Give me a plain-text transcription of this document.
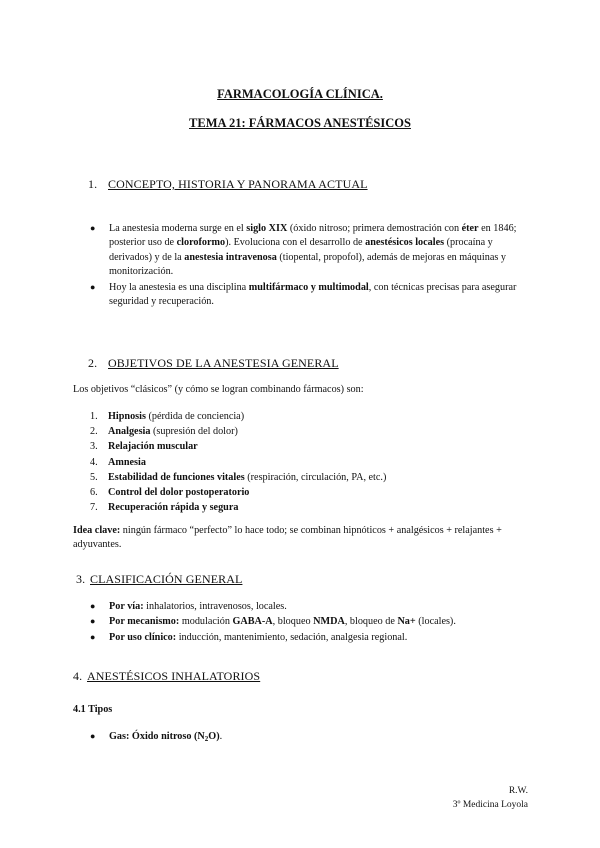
FARMACOLOGÍA CLÍNICA.
TEMA 21: FÁRMACOS ANESTÉSICOS
1. CONCEPTO, HISTORIA Y PANORAMA ACTUAL
● La anestesia moderna surge en el siglo XIX (óxido nitroso; primera demostración con éter en 1846; posterior uso de cloroformo). Evoluciona con el desarrollo de anestésicos locales (procaína y derivados) y de la anestesia intravenosa (tiopental, propofol), además de mejoras en máquinas y monitorización.
● Hoy la anestesia es una disciplina multifármaco y multimodal, con técnicas precisas para asegurar seguridad y recuperación.
2. OBJETIVOS DE LA ANESTESIA GENERAL
Los objetivos “clásicos” (y cómo se logran combinando fármacos) son:
1. Hipnosis (pérdida de conciencia)
2. Analgesia (supresión del dolor)
3. Relajación muscular
4. Amnesia
5. Estabilidad de funciones vitales (respiración, circulación, PA, etc.)
6. Control del dolor postoperatorio
7. Recuperación rápida y segura
Idea clave: ningún fármaco “perfecto” lo hace todo; se combinan hipnóticos + analgésicos + relajantes + adyuvantes.
3. CLASIFICACIÓN GENERAL
● Por vía: inhalatorios, intravenosos, locales.
● Por mecanismo: modulación GABA-A, bloqueo NMDA, bloqueo de Na+ (locales).
● Por uso clínico: inducción, mantenimiento, sedación, analgesia regional.
4. ANESTÉSICOS INHALATORIOS
4.1 Tipos
● Gas: Óxido nitroso $(N_2O)$.
R.W.
3º Medicina Loyola
